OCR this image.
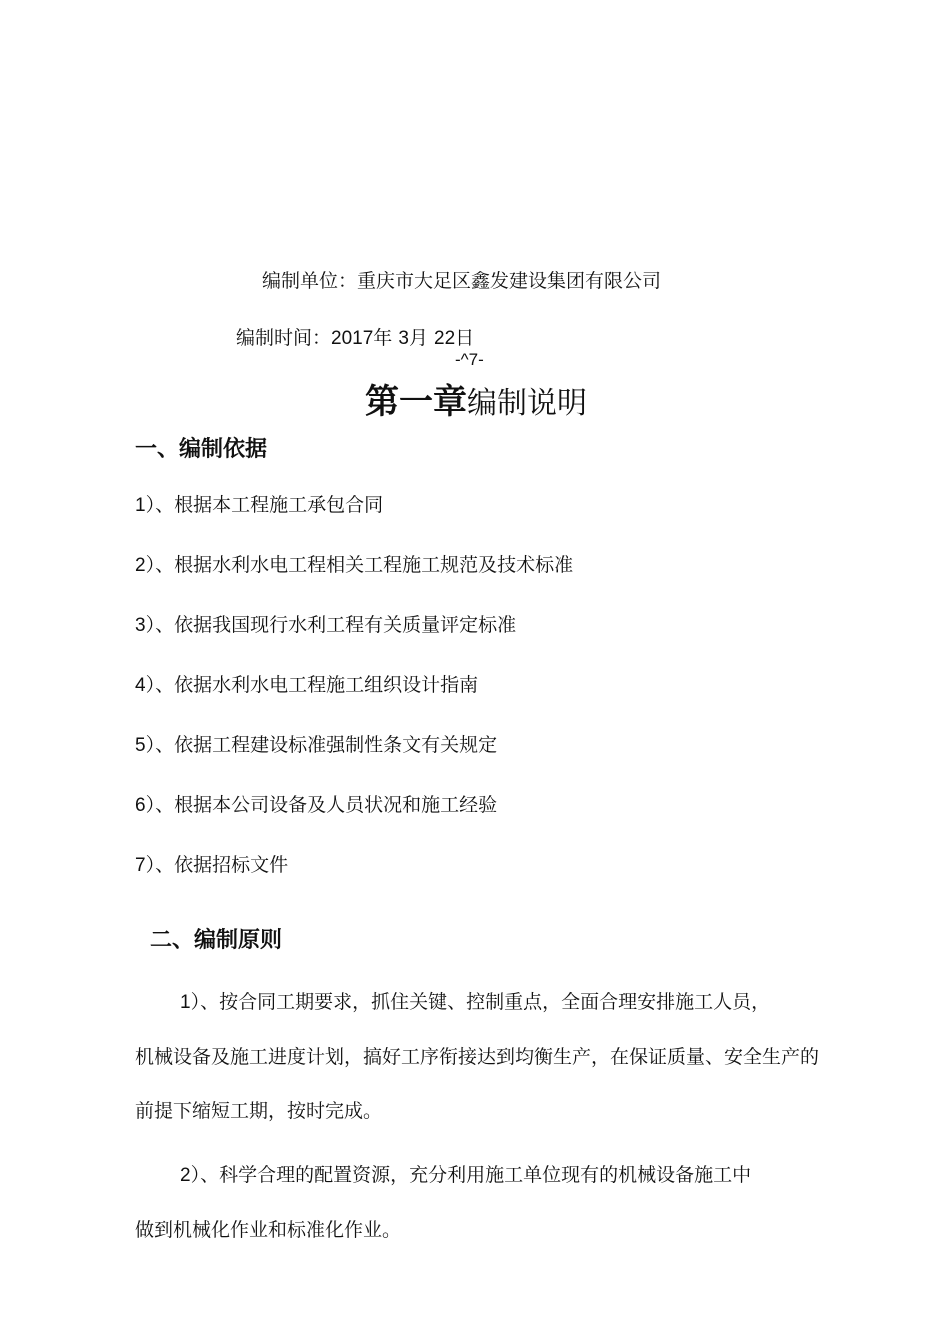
编制单位：重庆市大足区鑫发建设集团有限公司
编制时间：2017年 3月 22日
-^7-
第一章编制说明
一、编制依据
1）、根据本工程施工承包合同
2）、根据水利水电工程相关工程施工规范及技术标准
3）、依据我国现行水利工程有关质量评定标准
4）、依据水利水电工程施工组织设计指南
5）、依据工程建设标准强制性条文有关规定
6）、根据本公司设备及人员状况和施工经验
7）、依据招标文件
二、编制原则
1）、按合同工期要求，抓住关键、控制重点，全面合理安排施工人员，
机械设备及施工进度计划，搞好工序衔接达到均衡生产，在保证质量、安全生产的前提下缩短工期，按时完成。
2）、科学合理的配置资源，充分利用施工单位现有的机械设备施工中
做到机械化作业和标准化作业。
